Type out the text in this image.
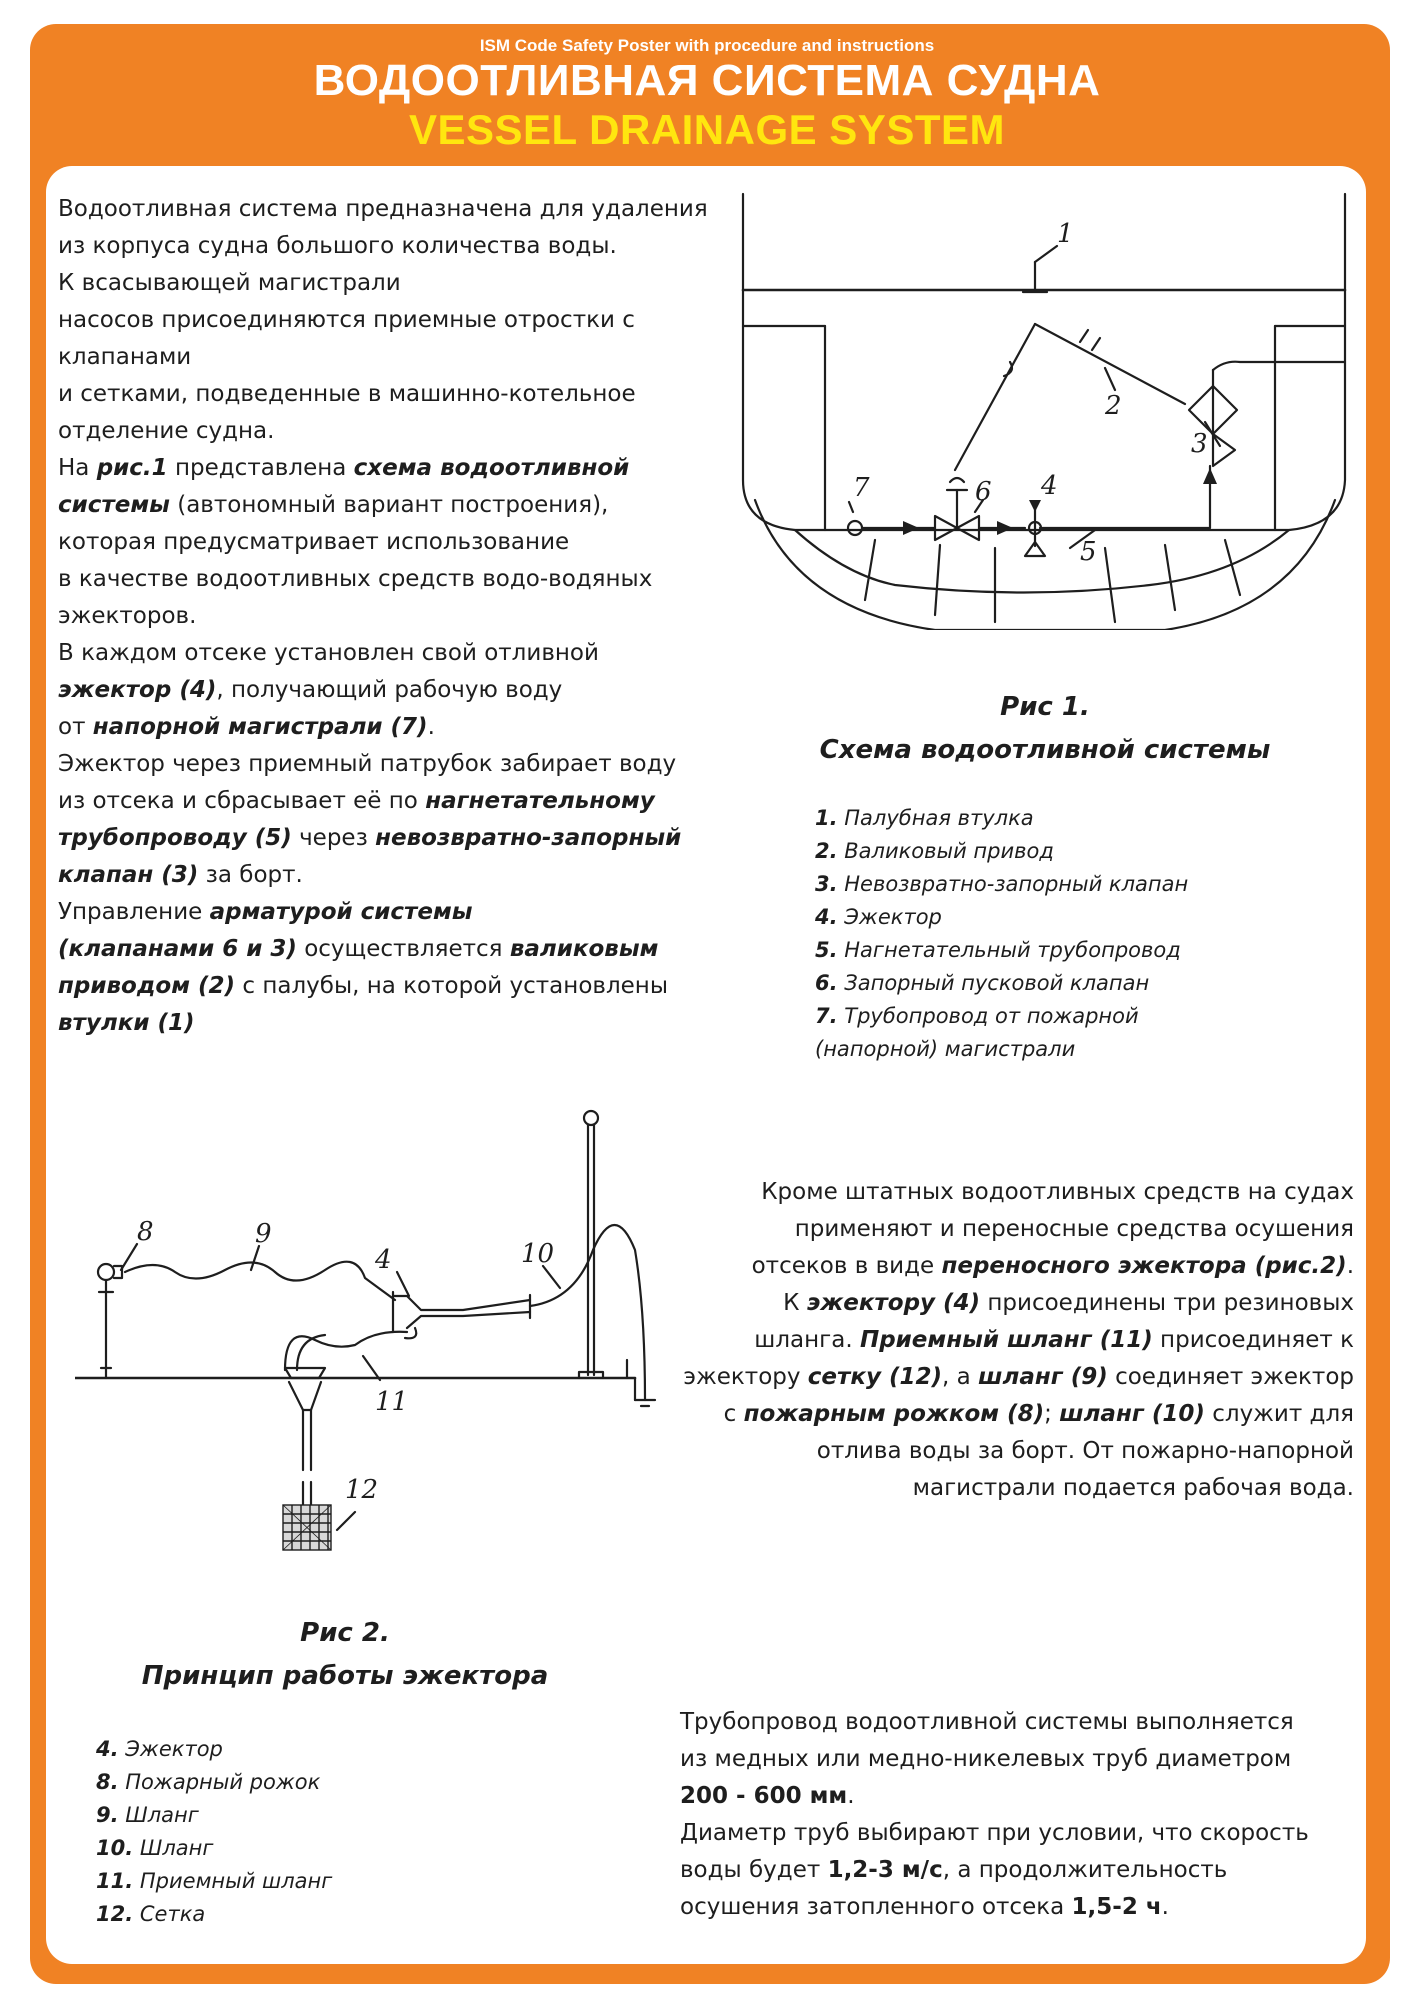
ISM Code Safety Poster with procedure and instructions
ВОДООТЛИВНАЯ СИСТЕМА СУДНА
VESSEL DRAINAGE SYSTEM
Водоотливная система предназначена для удаления
из корпуса судна большого количества воды.
К всасывающей магистрали
насосов присоединяются приемные отростки с
клапанами
и сетками, подведенные в машинно-котельное
отделение судна.
На рис.1 представлена схема водоотливной
системы (автономный вариант построения),
которая предусматривает использование
в качестве водоотливных средств водо-водяных
эжекторов.
В каждом отсеке установлен свой отливной
эжектор (4), получающий рабочую воду
от напорной магистрали (7).
Эжектор через приемный патрубок забирает воду
из отсека и сбрасывает её по нагнетательному
трубопроводу (5) через невозвратно-запорный
клапан (3) за борт.
Управление арматурой системы
(клапанами 6 и 3) осуществляется валиковым
приводом (2) с палубы, на которой установлены
втулки (1)
1
2
3
4
5
6
7
Рис 1.
Схема водоотливной системы
1. Палубная втулка
2. Валиковый привод
3. Невозвратно-запорный клапан
4. Эжектор
5. Нагнетательный трубопровод
6. Запорный пусковой клапан
7. Трубопровод от пожарной
(напорной) магистрали
8	9
4	10
11
12
Кроме штатных водоотливных средств на судах
применяют и переносные средства осушения
отсеков в виде переносного эжектора (рис.2).
К эжектору (4) присоединены три резиновых
шланга. Приемный шланг (11) присоединяет к
эжектору сетку (12), а шланг (9) соединяет эжектор
с пожарным рожком (8); шланг (10) служит для
отлива воды за борт. От пожарно-напорной
магистрали подается рабочая вода.
Рис 2.
Принцип работы эжектора
4. Эжектор
8. Пожарный рожок
9. Шланг
10. Шланг
11. Приемный шланг
12. Сетка
Трубопровод водоотливной системы выполняется
из медных или медно-никелевых труб диаметром
200 - 600 мм.
Диаметр труб выбирают при условии, что скорость
воды будет 1,2-3 м/с, а продолжительность
осушения затопленного отсека 1,5-2 ч.
